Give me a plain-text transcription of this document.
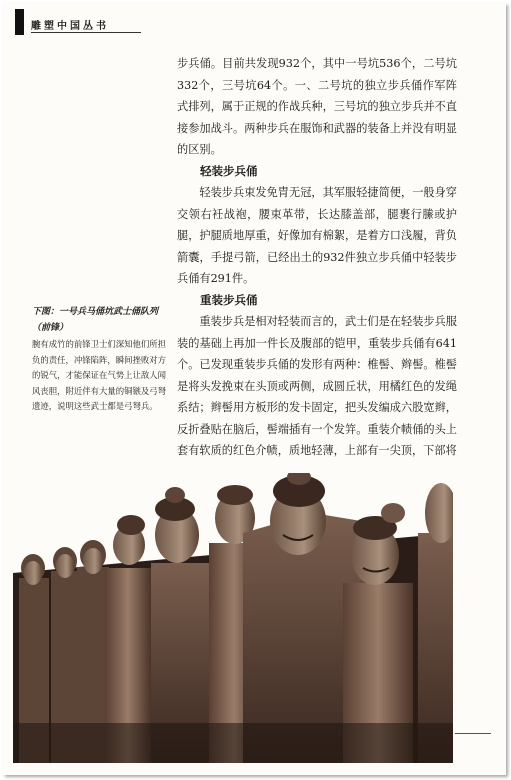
雕塑中国丛书

步兵俑。目前共发现932个，其中一号坑536个，二号坑332个，三号坑64个。一、二号坑的独立步兵俑作军阵式排列，属于正规的作战兵种，三号坑的独立步兵并不直接参加战斗。两种步兵在服饰和武器的装备上并没有明显的区别。

轻装步兵俑

轻装步兵束发免胄无冠，其军服轻捷简便，一般身穿交领右衽战袍，腰束革带，长达膝盖部，腿裹行縢或护腿，护腿质地厚重，好像加有棉絮，是着方口浅履，背负箭囊，手提弓箭，已经出土的932件独立步兵俑中轻装步兵俑有291件。

重装步兵俑

重装步兵是相对轻装而言的，武士们是在轻装步兵服装的基础上再加一件长及腹部的铠甲，重装步兵俑有641个。已发现重装步兵俑的发形有两种：椎髻、辫髻。椎髻是将头发挽束在头顶或两侧，成圆丘状，用橘红色的发绳系结；辫髻用方板形的发卡固定，把头发编成六股宽辫，反折叠贴在脑后，髻端插有一个发笄。重装介帻俑的头上套有软质的红色介帻，质地轻薄，上部有一尖顶，下部将

下图：一号兵马俑坑武士俑队列（前锋）
腕有成竹的前锋卫士们深知他们所担负的责任，冲锋陷阵，瞬间挫败对方的锐气，才能保证在气势上让敌人闻风丧胆，附近伴有大量的铜镞及弓弩遗迹，说明这些武士都是弓弩兵。
